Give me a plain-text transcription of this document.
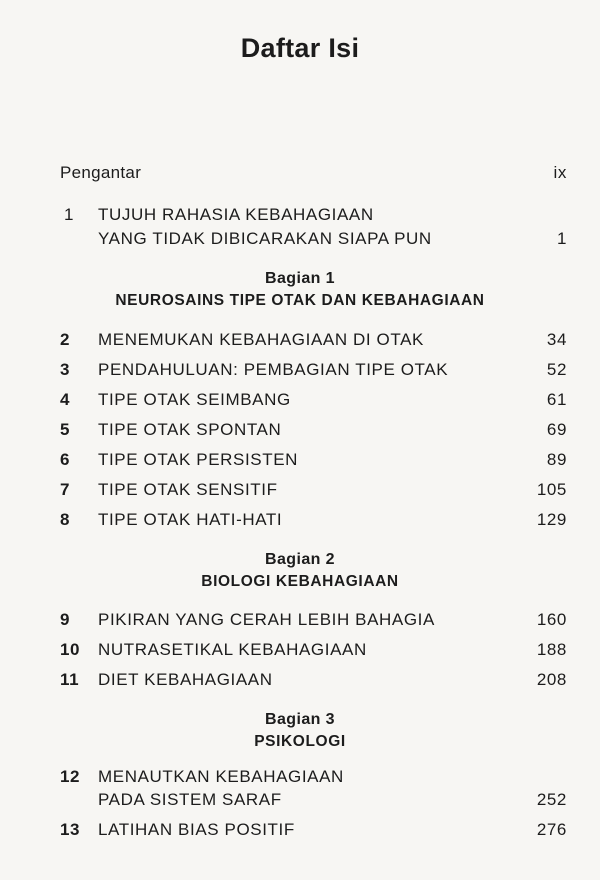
Daftar Isi
Pengantar	ix
1 TUJUH RAHASIA KEBAHAGIAAN
YANG TIDAK DIBICARAKAN SIAPA PUN	1
Bagian 1
NEUROSAINS TIPE OTAK DAN KEBAHAGIAAN
2 MENEMUKAN KEBAHAGIAAN DI OTAK	34
3 PENDAHULUAN: PEMBAGIAN TIPE OTAK	52
4 TIPE OTAK SEIMBANG	61
5 TIPE OTAK SPONTAN	69
6 TIPE OTAK PERSISTEN	89
7 TIPE OTAK SENSITIF	105
8 TIPE OTAK HATI-HATI	129
Bagian 2
BIOLOGI KEBAHAGIAAN
9 PIKIRAN YANG CERAH LEBIH BAHAGIA	160
10 NUTRASETIKAL KEBAHAGIAAN	188
11 DIET KEBAHAGIAAN	208
Bagian 3
PSIKOLOGI
12 MENAUTKAN KEBAHAGIAAN
PADA SISTEM SARAF	252
13 LATIHAN BIAS POSITIF	276
